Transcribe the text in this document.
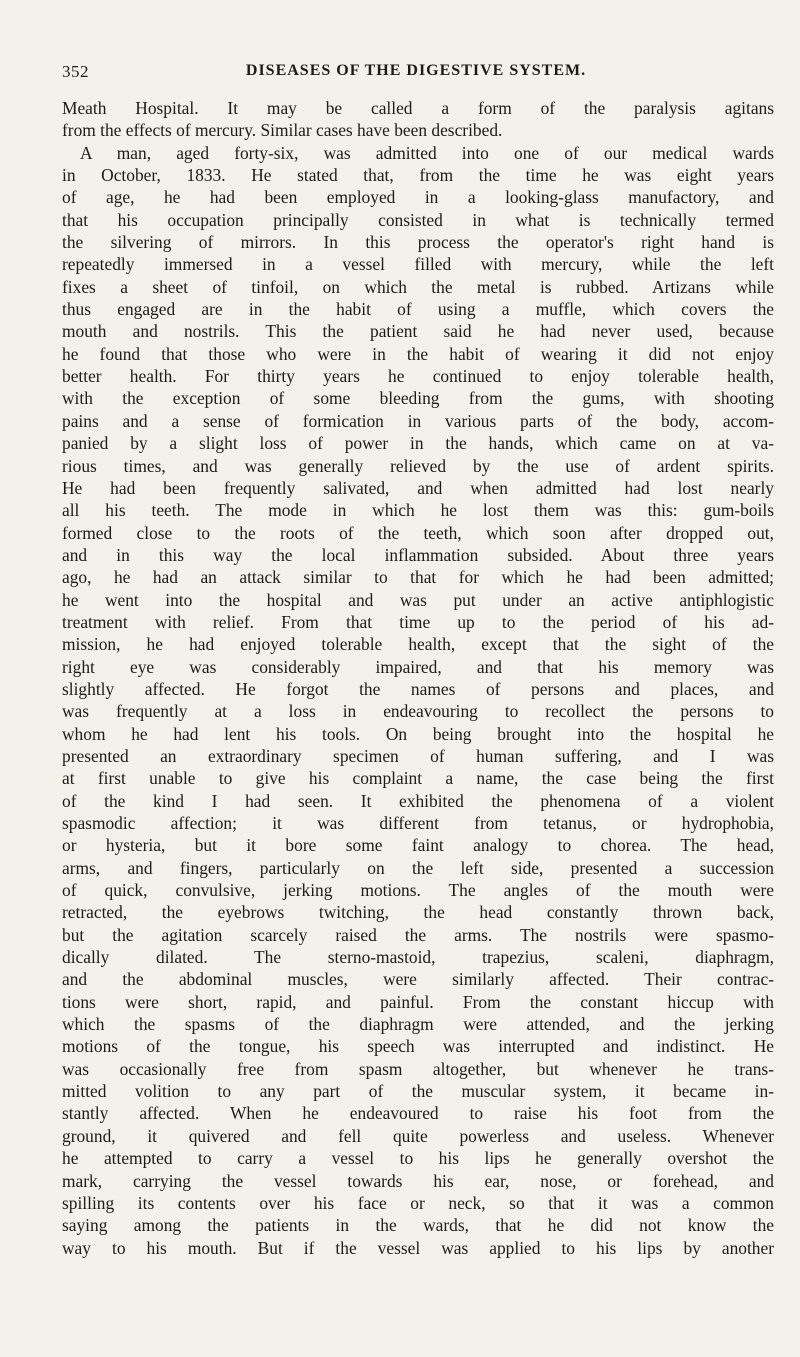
352	DISEASES OF THE DIGESTIVE SYSTEM.
Meath Hospital. It may be called a form of the paralysis agitans
from the effects of mercury. Similar cases have been described.
A man, aged forty-six, was admitted into one of our medical wards
in October, 1833. He stated that, from the time he was eight years
of age, he had been employed in a looking-glass manufactory, and
that his occupation principally consisted in what is technically termed
the silvering of mirrors. In this process the operator's right hand is
repeatedly immersed in a vessel filled with mercury, while the left
fixes a sheet of tinfoil, on which the metal is rubbed. Artizans while
thus engaged are in the habit of using a muffle, which covers the
mouth and nostrils. This the patient said he had never used, because
he found that those who were in the habit of wearing it did not enjoy
better health. For thirty years he continued to enjoy tolerable health,
with the exception of some bleeding from the gums, with shooting
pains and a sense of formication in various parts of the body, accom-
panied by a slight loss of power in the hands, which came on at va-
rious times, and was generally relieved by the use of ardent spirits.
He had been frequently salivated, and when admitted had lost nearly
all his teeth. The mode in which he lost them was this: gum-boils
formed close to the roots of the teeth, which soon after dropped out,
and in this way the local inflammation subsided. About three years
ago, he had an attack similar to that for which he had been admitted;
he went into the hospital and was put under an active antiphlogistic
treatment with relief. From that time up to the period of his ad-
mission, he had enjoyed tolerable health, except that the sight of the
right eye was considerably impaired, and that his memory was
slightly affected. He forgot the names of persons and places, and
was frequently at a loss in endeavouring to recollect the persons to
whom he had lent his tools. On being brought into the hospital he
presented an extraordinary specimen of human suffering, and I was
at first unable to give his complaint a name, the case being the first
of the kind I had seen. It exhibited the phenomena of a violent
spasmodic affection; it was different from tetanus, or hydrophobia,
or hysteria, but it bore some faint analogy to chorea. The head,
arms, and fingers, particularly on the left side, presented a succession
of quick, convulsive, jerking motions. The angles of the mouth were
retracted, the eyebrows twitching, the head constantly thrown back,
but the agitation scarcely raised the arms. The nostrils were spasmo-
dically dilated. The sterno-mastoid, trapezius, scaleni, diaphragm,
and the abdominal muscles, were similarly affected. Their contrac-
tions were short, rapid, and painful. From the constant hiccup with
which the spasms of the diaphragm were attended, and the jerking
motions of the tongue, his speech was interrupted and indistinct. He
was occasionally free from spasm altogether, but whenever he trans-
mitted volition to any part of the muscular system, it became in-
stantly affected. When he endeavoured to raise his foot from the
ground, it quivered and fell quite powerless and useless. Whenever
he attempted to carry a vessel to his lips he generally overshot the
mark, carrying the vessel towards his ear, nose, or forehead, and
spilling its contents over his face or neck, so that it was a common
saying among the patients in the wards, that he did not know the
way to his mouth. But if the vessel was applied to his lips by another
